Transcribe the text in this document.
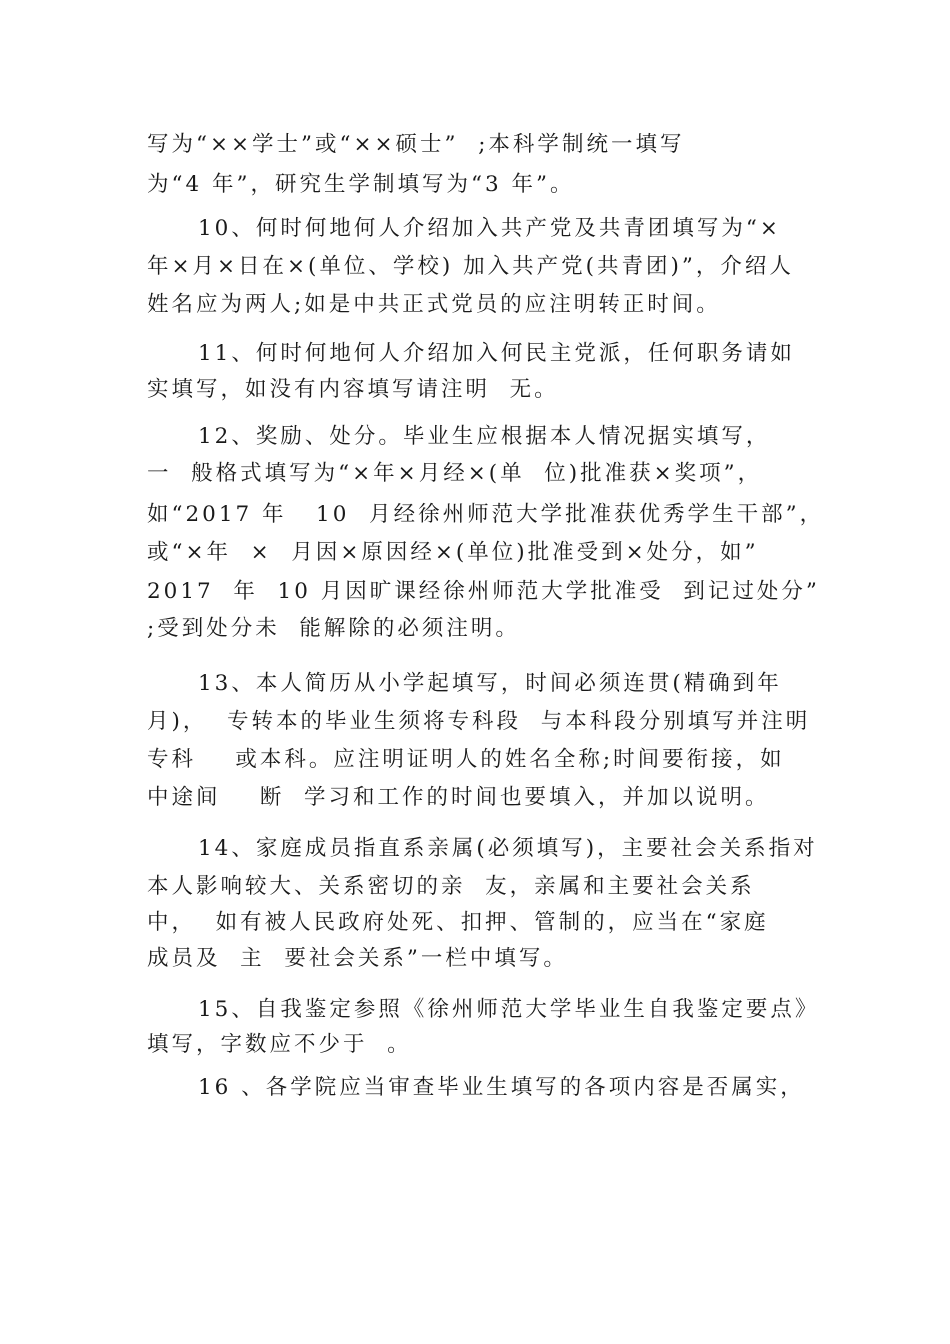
写为“××学士”或“××硕士”  ;本科学制统一填写
为“4 年”，研究生学制填写为“3 年”。
10、何时何地何人介绍加入共产党及共青团填写为“×
年×月×日在×(单位、学校) 加入共产党(共青团)”，介绍人
姓名应为两人;如是中共正式党员的应注明转正时间。
11、何时何地何人介绍加入何民主党派，任何职务请如
实填写，如没有内容填写请注明  无。
12、奖励、处分。毕业生应根据本人情况据实填写，
一  般格式填写为“×年×月经×(单  位)批准获×奖项”，
如“2017 年   10  月经徐州师范大学批准获优秀学生干部”，
或“×年  ×  月因×原因经×(单位)批准受到×处分，如”
2017  年  10 月因旷课经徐州师范大学批准受  到记过处分”
;受到处分未  能解除的必须注明。
13、本人简历从小学起填写，时间必须连贯(精确到年
月)，  专转本的毕业生须将专科段  与本科段分别填写并注明
专科    或本科。应注明证明人的姓名全称;时间要衔接，如
中途间    断  学习和工作的时间也要填入，并加以说明。
14、家庭成员指直系亲属(必须填写)，主要社会关系指对
本人影响较大、关系密切的亲  友，亲属和主要社会关系
中，  如有被人民政府处死、扣押、管制的，应当在“家庭
成员及  主  要社会关系”一栏中填写。
15、自我鉴定参照《徐州师范大学毕业生自我鉴定要点》
填写，字数应不少于  。
16 、各学院应当审查毕业生填写的各项内容是否属实，
